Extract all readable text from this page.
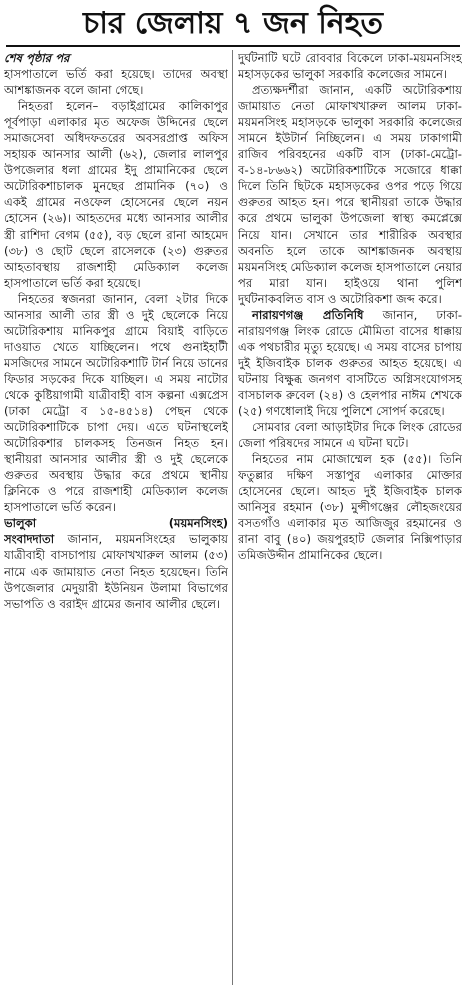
চার জেলায় ৭ জন নিহত

শেষ পৃষ্ঠার পর

হাসপাতালে ভর্তি করা হয়েছে। তাদের অবস্থা আশঙ্কাজনক বলে জানা গেছে।

নিহতরা হলেন– বড়াইগ্রামের কালিকাপুর পূর্বপাড়া এলাকার মৃত অফেজ উদ্দিনের ছেলে সমাজসেবা অধিদফতরের অবসরপ্রাপ্ত অফিস সহায়ক আনসার আলী (৬২), জেলার লালপুর উপজেলার ধলা গ্রামের ইদু প্রামানিকের ছেলে অটোরিকশাচালক মুনছের প্রামানিক (৭০) ও একই গ্রামের নওফেল হোসেনের ছেলে নয়ন হোসেন (২৬)। আহতদের মধ্যে আনসার আলীর স্ত্রী রাশিদা বেগম (৫৫), বড় ছেলে রানা আহমেদ (৩৮) ও ছোট ছেলে রাসেলকে (২৩) গুরুতর আহতাবস্থায় রাজশাহী মেডিক্যাল কলেজ হাসপাতালে ভর্তি করা হয়েছে।

নিহতের স্বজনরা জানান, বেলা ২টার দিকে আনসার আলী তার স্ত্রী ও দুই ছেলেকে নিয়ে অটোরিকশায় মানিকপুর গ্রামে বিয়াই বাড়িতে দাওয়াত খেতে যাচ্ছিলেন। পথে গুনাইহাটী মসজিদের সামনে অটোরিকশাটি টার্ন নিয়ে ডানের ফিডার সড়কের দিকে যাচ্ছিল। এ সময় নাটোর থেকে কুষ্টিয়াগামী যাত্রীবাহী বাস কল্পনা এক্সপ্রেস (ঢাকা মেট্রো ব ১৫-৪৫১৪) পেছন থেকে অটোরিকশাটিকে চাপা দেয়। এতে ঘটনাস্থলেই অটোরিকশার চালকসহ তিনজন নিহত হন। স্থানীয়রা আনসার আলীর স্ত্রী ও দুই ছেলেকে গুরুতর অবস্থায় উদ্ধার করে প্রথমে স্থানীয় ক্লিনিকে ও পরে রাজশাহী মেডিক্যাল কলেজ হাসপাতালে ভর্তি করেন।

ভালুকা	(ময়মনসিংহ)

সংবাদদাতা জানান, ময়মনসিংহের ভালুকায় যাত্রীবাহী বাসচাপায় মোফাখখারুল আলম (৫৩) নামে এক জামায়াত নেতা নিহত হয়েছেন। তিনি উপজেলার মেদুয়ারী ইউনিয়ন উলামা বিভাগের সভাপতি ও বরাইদ গ্রামের জনাব আলীর ছেলে।

দুর্ঘটনাটি ঘটে রোববার বিকেলে ঢাকা-ময়মনসিংহ মহাসড়কের ভালুকা সরকারি কলেজের সামনে।

প্রত্যক্ষদর্শীরা জানান, একটি অটোরিকশায় জামায়াত নেতা মোফাখখারুল আলম ঢাকা-ময়মনসিংহ মহাসড়কে ভালুকা সরকারি কলেজের সামনে ইউটার্ন নিচ্ছিলেন। এ সময় ঢাকাগামী রাজিব পরিবহনের একটি বাস (ঢাকা-মেট্রো-ব-১৪-৮৬৬২) অটোরিকশাটিকে সজোরে ধাক্কা দিলে তিনি ছিটকে মহাসড়কের ওপর পড়ে গিয়ে গুরুতর আহত হন। পরে স্থানীয়রা তাকে উদ্ধার করে প্রথমে ভালুকা উপজেলা স্বাস্থ্য কমপ্লেক্সে নিয়ে যান। সেখানে তার শারীরিক অবস্থার অবনতি হলে তাকে আশঙ্কাজনক অবস্থায় ময়মনসিংহ মেডিক্যাল কলেজ হাসপাতালে নেয়ার পর মারা যান। হাইওয়ে থানা পুলিশ দুর্ঘটনাকবলিত বাস ও অটোরিকশা জব্দ করে।

নারায়ণগঞ্জ প্রতিনিধি জানান, ঢাকা-নারায়ণগঞ্জ লিংক রোডে মৌমিতা বাসের ধাক্কায় এক পথচারীর মৃত্যু হয়েছে। এ সময় বাসের চাপায় দুই ইজিবাইক চালক গুরুতর আহত হয়েছে। এ ঘটনায় বিক্ষুব্ধ জনগণ বাসটিতে অগ্নিসংযোগসহ বাসচালক রুবেল (২৪) ও হেলপার নাঈম শেখকে (২৫) গণধোলাই দিয়ে পুলিশে সোপর্দ করেছে।

সোমবার বেলা আড়াইটার দিকে লিংক রোডের জেলা পরিষদের সামনে এ ঘটনা ঘটে।

নিহতের নাম মোজাম্মেল হক (৫৫)। তিনি ফতুল্লার দক্ষিণ সস্তাপুর এলাকার মোক্তার হোসেনের ছেলে। আহত দুই ইজিবাইক চালক আনিসুর রহমান (৩৮) মুন্সীগঞ্জের লৌহজংয়ের বসতগাঁও এলাকার মৃত আজিজুর রহমানের ও রানা বাবু (৪০) জয়পুরহাট জেলার নিক্সিপাড়ার তমিজউদ্দীন প্রামানিকের ছেলে।
